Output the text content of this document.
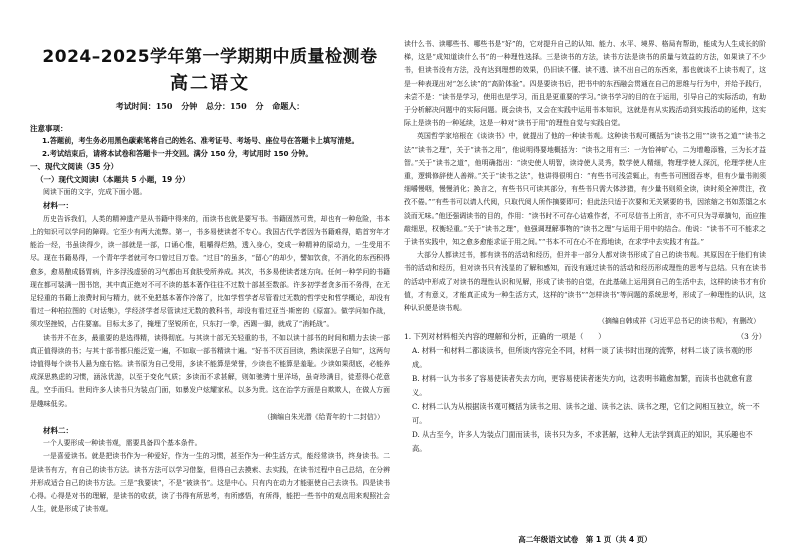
2024–2025学年第一学期期中质量检测卷
高二语文
考试时间：150 分钟 总分：150 分 命题人：
注意事项：
1.答题前，考生务必用黑色碳素笔将自己的姓名、准考证号、考场号、座位号在答题卡上填写清楚。
2.考试结束后，请将本试卷和答题卡一并交回。满分 150 分，考试用时 150 分钟。
一、现代文阅读（35 分）
（一）现代文阅读Ⅰ（本题共 5 小题，19 分）
阅读下面的文字，完成下面小题。
材料一：
历史告诉我们，人类的精神遗产是从书籍中得来的，而读书也就是要写书。书籍固然可贵，却也有一种危险，书本上的知识可以学问的障碍。它至少有两大流弊。第一，书多易使读者不专心。我国古代学者因为书籍难得，皓首穷年才能治一经，书虽读得少，读一部就是一部，口诵心惟，咀嚼得烂熟，透入身心，变成一种精神的原动力，一生受用不尽。现在书籍易得，一个青年学者就可夸口曾过目万卷。“过目”的虽多，“留心”的却少，譬如饮食，不消化的东西积得愈多，愈易酿成肠胃病，许多浮浅虚骄的习气都由耳食肤受所养成。其次，书多易使读者迷方向。任何一种学问的书籍现在都可装满一图书馆，其中真正绝对不可不读的基本著作往往不过数十部甚至数部。许多初学者贪多而不务得，在无足轻重的书籍上浪费时间与精力，就不免把基本著作冷落了，比如学哲学者尽管看过无数的哲学史和哲学概论，却没有看过一种柏拉图的《对话集》，学经济学者尽管读过无数的教科书，却没有看过亚当·斯密的《原富》。做学问如作战，须攻坚挫锐，占住要塞。目标太多了，掩埋了坚锐所在，只东打一拳，西踢一脚，就成了“消耗战”。
读书并不在多，最重要的是选得精，读得彻底。与其读十部无关轻重的书，不如以读十部书的时间和精力去读一部真正值得读的书；与其十部书都只能泛览一遍，不如取一部书精读十遍。“好书不厌百回读，熟读深思子自知”，这两句诗值得每个读书人悬为座右铭。读书原为自己受用，多读不能算是荣誉，少读也不能算是羞耻。少读如果彻底，必能养成深思熟虑的习惯，涵泳优游，以至于变化气质；多读而不求甚解，则如驰骋十里洋场，虽奇珍满目，徒惹得心花意乱，空手而归。世间许多人读书只为装点门面，如暴发户炫耀家私，以多为贵。这在治学方面是自欺欺人，在做人方面是趣味低劣。
（摘编自朱光潜《给青年的十二封信》）
材料二：
一个人要形成一种读书观，需要具备四个基本条件。
一是喜爱读书。就是把读书作为一种爱好，作为一生的习惯，甚至作为一种生活方式，能经常读书，终身读书。二是读书有方，有自己的读书方法。读书方法可以学习借鉴，但得自己去摸索、去实践，在读书过程中自己总结，在分辨并形成适合自己的读书方法。三是“我要读”，不是“被读书”。这是中心。只有内在动力才能驱使自己去读书。四是读书心得。心得是对书的理解，是读书的收获，读了书得有所思考，有所感悟，有所得，能把一些书中的观点用来观照社会人生，就是形成了读书观。
读什么书、读哪些书、哪些书是“好”的，它对提升自己的认知、能力、水平、境界、格局有帮助，能成为人生成长的阶梯，这是“成知道读什么书”的一种理性选择。三是读书的方法，读书方法是读书的质量与效益的方法，如果读了不少书，但读书没有方法，没有达到理想的效果，仍旧读不懂、读不透、读不出自己的东西来，那也就谈不上读书观了，这是一种表现出对“怎么读”的“高阶体验”。四是要读书后，把书中的东西融会贯通在自己的思维与行为中，并给予践行，未尝不是：“读书是学习，使用也是学习，而且是更重要的学习。”读书学习的目的在于运用，引导自己的实际活动，有助于分析解决问题中的实际问题。既会读书，又会在实践中运用书本知识，这就是有从实践活动到实践活动的延伸，这实际上是读书的一种延续，这是一种对“读书于用”的理性自觉与实践自觉。
英国哲学家培根在《谈读书》中，就提出了他的一种读书观。这种读书观可概括为“读书之用”“读书之道”“读书之法”“读书之理”，关于“读书之用”，他说明得要地概括为：“读书之用有三：一为怡神旷心，二为增趣添雅，三为长才益智。”关于“读书之道”，他明确指出：“读史使人明智，读诗使人灵秀，数学使人精细，物理学使人深沉，伦理学使人庄重，逻辑修辞使人善辩。”关于“读书之法”，他讲得很明白：“有些书可浅尝辄止，有些书可囫囵吞枣，但有少量书则须细嚼慢咽，慢慢消化；换言之，有些书只可读其部分，有些书只需大体涉猎，有少量书则须全读，读时须全神贯注，孜孜不倦。”“有些书可以请人代阅，只取代阅人所作摘要即可；但此法只适于次要和无关紧要的书，因浓缩之书如蒸馏之水淡而无味。”他还强调读书的目的，作用：“读书时不可存心诘难作者，不可尽信书上所言，亦不可只为寻章摘句，而应推敲细思，权衡轻重。”关于“读书之理”，他强调理解事物的“读书之理”与运用于用中的结合。他说：“读书不可不能求之于读书实践中，知之愈多愈能求证于用之间。”“书本不可在心不在焉地读，在求学中去实践才有益。”
大部分人都读过书，都有读书的活动和经历，但并非一部分人都对读书形成了自己的读书观。其原因在于他们有读书的活动和经历，但对读书只有浅显的了解和感知，而没有通过读书的活动和经历形成理性的思考与总结。只有在读书的活动中形成了对读书的理性认识和见解，形成了读书的自觉，在此基础上运用到自己的生活中去，这样的读书才有价值，才有意义，才能真正成为一种生活方式，这样的“读书”“怎样读书”等问题的系统思考，形成了一种理性的认识，这种认识便是读书观。
（摘编自韩成祥《习近平总书记的读书观》，有删改）
1. 下列对材料相关内容的理解和分析，正确的一项是（　　）	（3 分）
A. 材料一和材料二都谈读书，但所谈内容完全不同，材料一谈了读书时出现的流弊，材料二谈了读书观的形成。
B. 材料一认为书多了容易使读者失去方向，更容易使读者迷失方向，这表明书籍愈加繁，而读书也就愈有意义。
C. 材料二认为从根据读书观可概括为读书之用、读书之道、读书之法、读书之理，它们之间相互独立，统一不可。
D. 从古至今，许多人为装点门面而读书，读书只为多，不求甚解，这种人无法学到真正的知识，其乐趣也不高。
高二年级语文试卷　第 1 页（共 4 页）
